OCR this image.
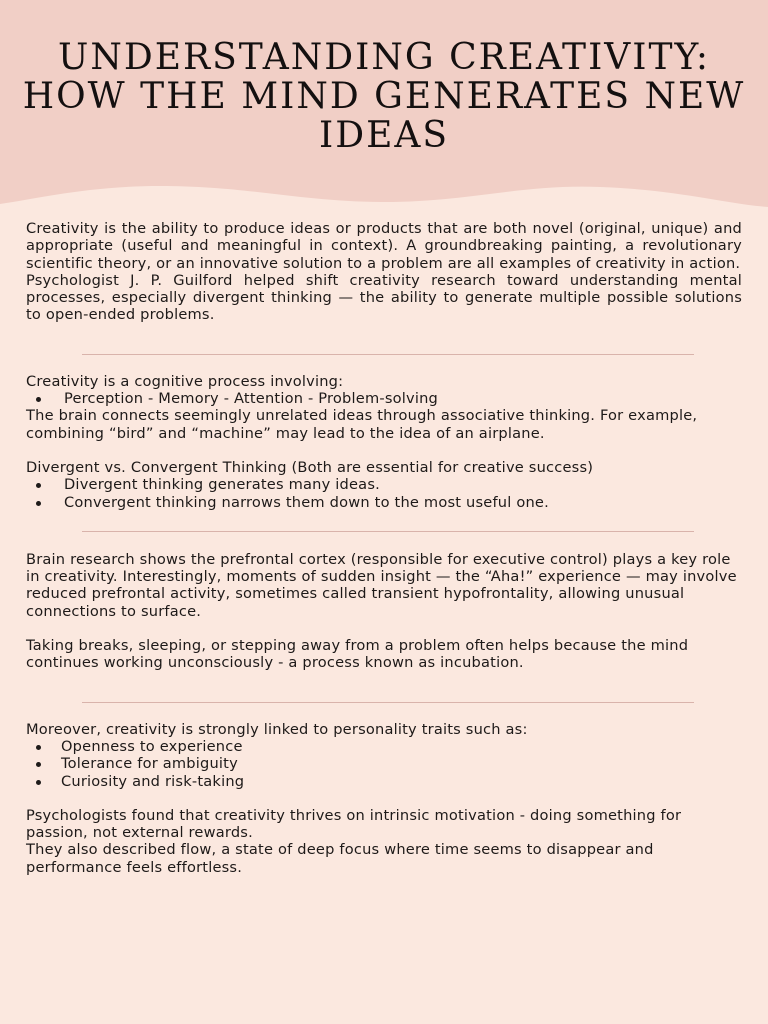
UNDERSTANDING CREATIVITY: HOW THE MIND GENERATES NEW IDEAS

Creativity is the ability to produce ideas or products that are both novel (original, unique) and appropriate (useful and meaningful in context). A groundbreaking painting, a revolutionary scientific theory, or an innovative solution to a problem are all examples of creativity in action.

Psychologist J. P. Guilford helped shift creativity research toward understanding mental processes, especially divergent thinking — the ability to generate multiple possible solutions to open-ended problems.

Creativity is a cognitive process involving:

Perception - Memory - Attention - Problem-solving

The brain connects seemingly unrelated ideas through associative thinking. For example, combining “bird” and “machine” may lead to the idea of an airplane.

Divergent vs. Convergent Thinking (Both are essential for creative success)

Divergent thinking generates many ideas.
Convergent thinking narrows them down to the most useful one.

Brain research shows the prefrontal cortex (responsible for executive control) plays a key role in creativity. Interestingly, moments of sudden insight — the “Aha!” experience — may involve reduced prefrontal activity, sometimes called transient hypofrontality, allowing unusual connections to surface.

Taking breaks, sleeping, or stepping away from a problem often helps because the mind continues working unconsciously - a process known as incubation.

Moreover, creativity is strongly linked to personality traits such as:

Openness to experience
Tolerance for ambiguity
Curiosity and risk-taking

Psychologists found that creativity thrives on intrinsic motivation - doing something for passion, not external rewards.

They also described flow, a state of deep focus where time seems to disappear and performance feels effortless.
